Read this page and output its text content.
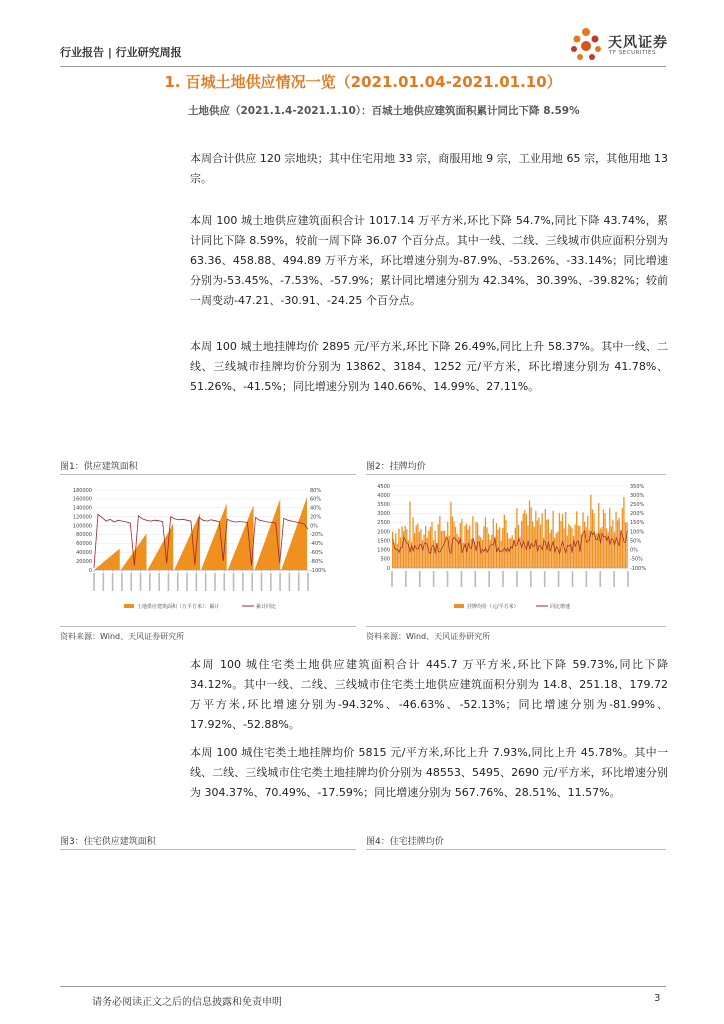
行业报告 | 行业研究周报
天风证券
TF SECURITIES
1. 百城土地供应情况一览（2021.01.04-2021.01.10）
土地供应（2021.1.4-2021.1.10）：百城土地供应建筑面积累计同比下降 8.59%
本周合计供应 120 宗地块；其中住宅用地 33 宗，商服用地 9 宗，工业用地 65 宗，其他用地 13 宗。
本周 100 城土地供应建筑面积合计 1017.14 万平方米,环比下降 54.7%,同比下降 43.74%，累计同比下降 8.59%，较前一周下降 36.07 个百分点。其中一线、二线、三线城市供应面积分别为 63.36、458.88、494.89 万平方米，环比增速分别为-87.9%、-53.26%、-33.14%；同比增速分别为-53.45%、-7.53%、-57.9%；累计同比增速分别为 42.34%、30.39%、-39.82%；较前一周变动-47.21、-30.91、-24.25 个百分点。
本周 100 城土地挂牌均价 2895 元/平方米,环比下降 26.49%,同比上升 58.37%。其中一线、二线、三线城市挂牌均价分别为 13862、3184、1252 元/平方米，环比增速分别为 41.78%、51.26%、-41.5%；同比增速分别为 140.66%、14.99%、27.11%。
图1：供应建筑面积	图2：挂牌均价
180000
160000
140000
120000
100000
80000
60000
40000
20000
0
80%
60%
40%
20%
0%
-20%
-40%
-60%
-80%
-100%
土地供应建筑面积（万平方米）：累计	累计同比
4500
4000
3500
3000
2500
2000
1500
1000
500
0
350%
300%
250%
200%
150%
100%
50%
0%
-50%
-100%
挂牌均价（元/平方米）	同比增速
资料来源：Wind、天风证券研究所	资料来源：Wind、天风证券研究所
本周 100 城住宅类土地供应建筑面积合计 445.7 万平方米,环比下降 59.73%,同比下降 34.12%。其中一线、二线、三线城市住宅类土地供应建筑面积分别为 14.8、251.18、179.72 万平方米,环比增速分别为-94.32%、-46.63%、-52.13%；同比增速分别为-81.99%、17.92%、-52.88%。
本周 100 城住宅类土地挂牌均价 5815 元/平方米,环比上升 7.93%,同比上升 45.78%。其中一线、二线、三线城市住宅类土地挂牌均价分别为 48553、5495、2690 元/平方米，环比增速分别为 304.37%、70.49%、-17.59%；同比增速分别为 567.76%、28.51%、11.57%。
图3：住宅供应建筑面积	图4：住宅挂牌均价
请务必阅读正文之后的信息披露和免责申明	3
